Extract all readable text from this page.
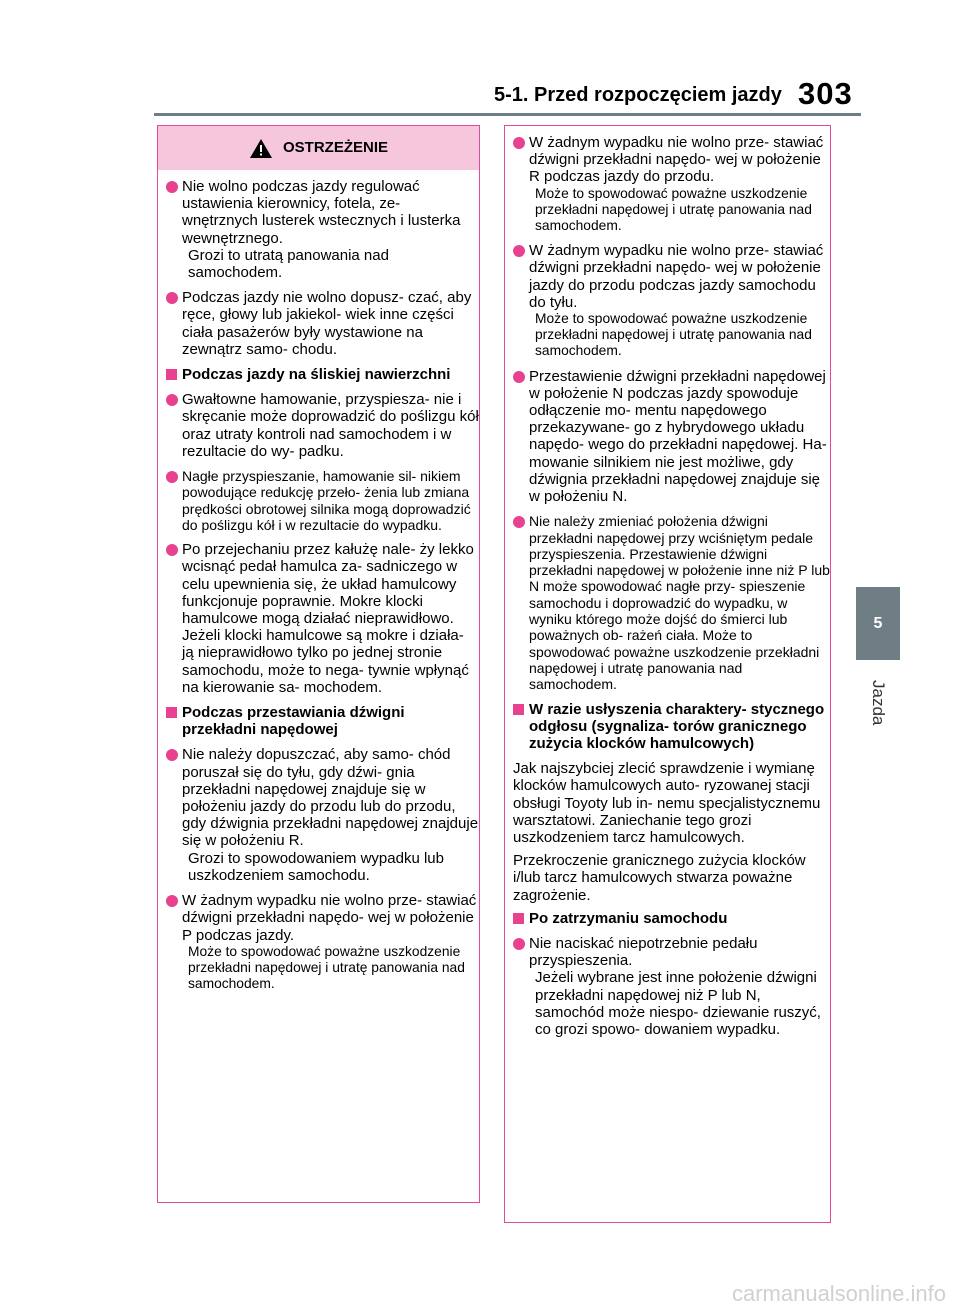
5-1. Przed rozpoczęciem jazdy 303
5
Jazda
OSTRZEŻENIE
Nie wolno podczas jazdy regulować ustawienia kierownicy, fotela, ze- wnętrznych lusterek wstecznych i lusterka wewnętrznego.
Grozi to utratą panowania nad samochodem.
Podczas jazdy nie wolno dopusz- czać, aby ręce, głowy lub jakiekol- wiek inne części ciała pasażerów były wystawione na zewnątrz samo- chodu.
Podczas jazdy na śliskiej nawierzchni
Gwałtowne hamowanie, przyspiesza- nie i skręcanie może doprowadzić do poślizgu kół oraz utraty kontroli nad samochodem i w rezultacie do wy- padku.
Nagłe przyspieszanie, hamowanie sil- nikiem powodujące redukcję przeło- żenia lub zmiana prędkości obrotowej silnika mogą doprowadzić do poślizgu kół i w rezultacie do wypadku.
Po przejechaniu przez kałużę nale- ży lekko wcisnąć pedał hamulca za- sadniczego w celu upewnienia się, że układ hamulcowy funkcjonuje poprawnie. Mokre klocki hamulcowe mogą działać nieprawidłowo. Jeżeli klocki hamulcowe są mokre i działa- ją nieprawidłowo tylko po jednej stronie samochodu, może to nega- tywnie wpłynąć na kierowanie sa- mochodem.
Podczas przestawiania dźwigni przekładni napędowej
Nie należy dopuszczać, aby samo- chód poruszał się do tyłu, gdy dźwi- gnia przekładni napędowej znajduje się w położeniu jazdy do przodu lub do przodu, gdy dźwignia przekładni napędowej znajduje się w położeniu R.
Grozi to spowodowaniem wypadku lub uszkodzeniem samochodu.
W żadnym wypadku nie wolno prze- stawiać dźwigni przekładni napędo- wej w położenie P podczas jazdy.
Może to spowodować poważne uszkodzenie przekładni napędowej i utratę panowania nad samochodem.
W żadnym wypadku nie wolno prze- stawiać dźwigni przekładni napędo- wej w położenie R podczas jazdy do przodu.
Może to spowodować poważne uszkodzenie przekładni napędowej i utratę panowania nad samochodem.
W żadnym wypadku nie wolno prze- stawiać dźwigni przekładni napędo- wej w położenie jazdy do przodu podczas jazdy samochodu do tyłu.
Może to spowodować poważne uszkodzenie przekładni napędowej i utratę panowania nad samochodem.
Przestawienie dźwigni przekładni napędowej w położenie N podczas jazdy spowoduje odłączenie mo- mentu napędowego przekazywane- go z hybrydowego układu napędo- wego do przekładni napędowej. Ha- mowanie silnikiem nie jest możliwe, gdy dźwignia przekładni napędowej znajduje się w położeniu N.
Nie należy zmieniać położenia dźwigni przekładni napędowej przy wciśniętym pedale przyspieszenia. Przestawienie dźwigni przekładni napędowej w położenie inne niż P lub N może spowodować nagłe przy- spieszenie samochodu i doprowadzić do wypadku, w wyniku którego może dojść do śmierci lub poważnych ob- rażeń ciała. Może to spowodować poważne uszkodzenie przekładni napędowej i utratę panowania nad samochodem.
W razie usłyszenia charaktery- stycznego odgłosu (sygnaliza- torów granicznego zużycia klocków hamulcowych)
Jak najszybciej zlecić sprawdzenie i wymianę klocków hamulcowych auto- ryzowanej stacji obsługi Toyoty lub in- nemu specjalistycznemu warsztatowi. Zaniechanie tego grozi uszkodzeniem tarcz hamulcowych.
Przekroczenie granicznego zużycia klocków i/lub tarcz hamulcowych stwarza poważne zagrożenie.
Po zatrzymaniu samochodu
Nie naciskać niepotrzebnie pedału przyspieszenia.
Jeżeli wybrane jest inne położenie dźwigni przekładni napędowej niż P lub N, samochód może niespo- dziewanie ruszyć, co grozi spowo- dowaniem wypadku.
carmanualsonline.info
